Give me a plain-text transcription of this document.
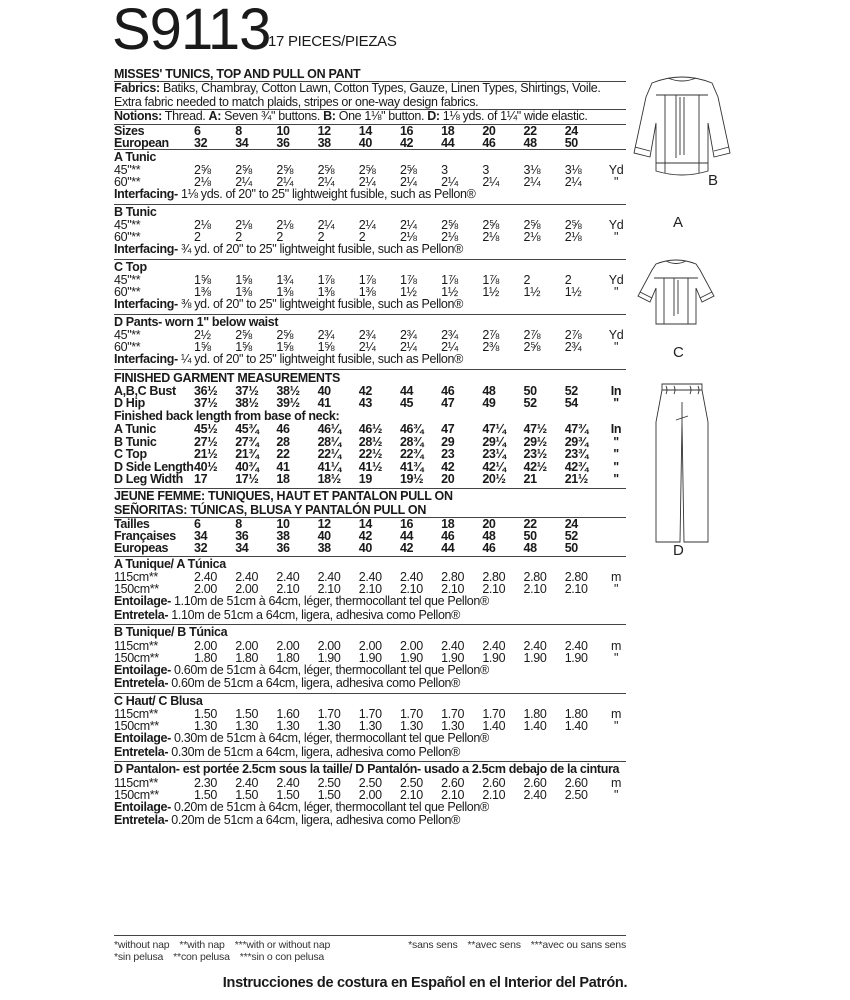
S9113
17 PIECES/PIEZAS
MISSES' TUNICS, TOP AND PULL ON PANT
Fabrics: Batiks, Chambray, Cotton Lawn, Cotton Types, Gauze, Linen Types, Shirtings, Voile.
Extra fabric needed to match plaids, stripes or one-way design fabrics.
Notions: Thread. A: Seven ¾" buttons. B: One 1⅛" button. D: 1⅛ yds. of 1¼" wide elastic.
Sizes	6	8	10	12	14	16	18	20	22	24	
European	32	34	36	38	40	42	44	46	48	50	
A Tunic
45"**	2⅝	2⅝	2⅝	2⅝	2⅝	2⅝	3	3	3⅛	3⅛	Yd
60"**	2⅛	2¼	2¼	2¼	2¼	2¼	2¼	2¼	2¼	2¼	"
Interfacing- 1⅛ yds. of 20" to 25" lightweight fusible, such as Pellon®
B Tunic
45"**	2⅛	2⅛	2⅛	2¼	2¼	2¼	2⅝	2⅝	2⅝	2⅝	Yd
60"**	2	2	2	2	2	2⅛	2⅛	2⅛	2⅛	2⅛	"
Interfacing- ¾ yd. of 20" to 25" lightweight fusible, such as Pellon®
C Top
45"**	1⅝	1⅝	1¾	1⅞	1⅞	1⅞	1⅞	1⅞	2	2	Yd
60"**	1⅜	1⅜	1⅜	1⅜	1⅜	1½	1½	1½	1½	1½	"
Interfacing- ⅜ yd. of 20" to 25" lightweight fusible, such as Pellon®
D Pants- worn 1" below waist
45"**	2½	2⅝	2⅝	2¾	2¾	2¾	2¾	2⅞	2⅞	2⅞	Yd
60"**	1⅝	1⅝	1⅝	1⅝	2¼	2¼	2¼	2⅜	2⅝	2¾	"
Interfacing- ¼ yd. of 20" to 25" lightweight fusible, such as Pellon®
FINISHED GARMENT MEASUREMENTS
A,B,C Bust	36½	37½	38½	40	42	44	46	48	50	52	In
D Hip	37½	38½	39½	41	43	45	47	49	52	54	"
Finished back length from base of neck:
A Tunic	45½	45¾	46	46¼	46½	46¾	47	47¼	47½	47¾	In
B Tunic	27½	27¾	28	28¼	28½	28¾	29	29¼	29½	29¾	"
C Top	21½	21¾	22	22¼	22½	22¾	23	23¼	23½	23¾	"
D Side Length	40½	40¾	41	41¼	41½	41¾	42	42¼	42½	42¾	"
D Leg Width	17	17½	18	18½	19	19½	20	20½	21	21½	"
JEUNE FEMME: TUNIQUES, HAUT ET PANTALON PULL ON
SEÑORITAS: TÚNICAS, BLUSA Y PANTALÓN PULL ON
Tailles	6	8	10	12	14	16	18	20	22	24	
Françaises	34	36	38	40	42	44	46	48	50	52	
Europeas	32	34	36	38	40	42	44	46	48	50	
A Tunique/ A Túnica
115cm**	2.40	2.40	2.40	2.40	2.40	2.40	2.80	2.80	2.80	2.80	m
150cm**	2.00	2.00	2.10	2.10	2.10	2.10	2.10	2.10	2.10	2.10	"
Entoilage- 1.10m de 51cm à 64cm, léger, thermocollant tel que Pellon®
Entretela- 1.10m de 51cm a 64cm, ligera, adhesiva como Pellon®
B Tunique/ B Túnica
115cm**	2.00	2.00	2.00	2.00	2.00	2.00	2.40	2.40	2.40	2.40	m
150cm**	1.80	1.80	1.80	1.90	1.90	1.90	1.90	1.90	1.90	1.90	"
Entoilage- 0.60m de 51cm à 64cm, léger, thermocollant tel que Pellon®
Entretela- 0.60m de 51cm a 64cm, ligera, adhesiva como Pellon®
C Haut/ C Blusa
115cm**	1.50	1.50	1.60	1.70	1.70	1.70	1.70	1.70	1.80	1.80	m
150cm**	1.30	1.30	1.30	1.30	1.30	1.30	1.30	1.40	1.40	1.40	"
Entoilage- 0.30m de 51cm à 64cm, léger, thermocollant tel que Pellon®
Entretela- 0.30m de 51cm a 64cm, ligera, adhesiva como Pellon®
D Pantalon- est portée 2.5cm sous la taille/ D Pantalón- usado a 2.5cm debajo de la cintura
115cm**	2.30	2.40	2.40	2.50	2.50	2.50	2.60	2.60	2.60	2.60	m
150cm**	1.50	1.50	1.50	1.50	2.00	2.10	2.10	2.10	2.40	2.50	"
Entoilage- 0.20m de 51cm à 64cm, léger, thermocollant tel que Pellon®
Entretela- 0.20m de 51cm a 64cm, ligera, adhesiva como Pellon®
*without nap **with nap ***with or without nap	*sans sens **avec sens ***avec ou sans sens
*sin pelusa **con pelusa ***sin o con pelusa
Instrucciones de costura en Español en el Interior del Patrón.
B
A
C
D
